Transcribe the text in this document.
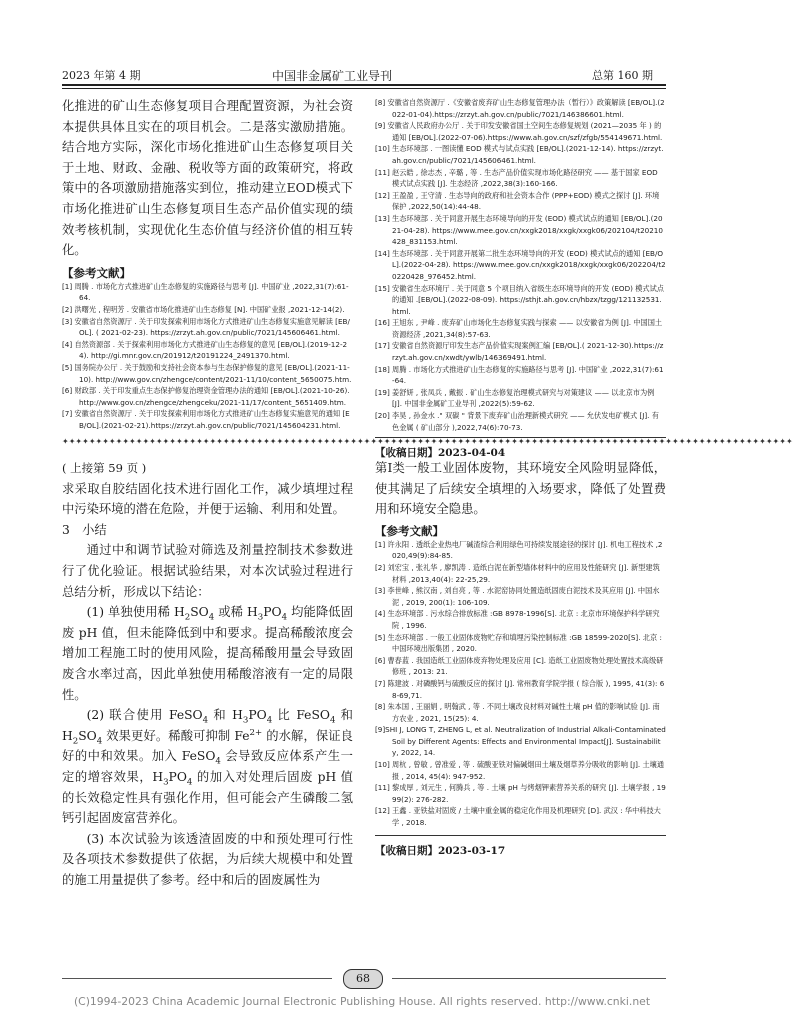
2023 年第 4 期	中国非金属矿工业导刊	总第 160 期

化推进的矿山生态修复项目合理配置资源，为社会资本提供具体且实在的项目机会。二是落实激励措施。结合地方实际，深化市场化推进矿山生态修复项目关于土地、财政、金融、税收等方面的政策研究，将政策中的各项激励措施落实到位，推动建立EOD模式下市场化推进矿山生态修复项目生态产品价值实现的绩效考核机制，实现优化生态价值与经济价值的相互转化。

【参考文献】

[1] 周腾 . 市场化方式推进矿山生态修复的实施路径与思考 [J]. 中国矿业 ,2022,31(7):61-64.
[2] 洪曙光 , 程明芳 . 安徽省市场化推进矿山生态修复 [N]. 中国矿业报 ,2021-12-14(2).
[3] 安徽省自然资源厅 . 关于印发探索利用市场化方式推进矿山生态修复实施意见解读 [EB/OL]. ( 2021-02-23). https://zrzyt.ah.gov.cn/public/7021/145606461.html.
[4] 自然资源部 . 关于探索利用市场化方式推进矿山生态修复的意见 [EB/OL].(2019-12-24). http://gi.mnr.gov.cn/201912/t20191224_2491370.html.
[5] 国务院办公厅 . 关于鼓励和支持社会资本参与生态保护修复的意见 [EB/OL].(2021-11-10). http://www.gov.cn/zhengce/content/2021-11/10/content_5650075.htm.
[6] 财政部 . 关于印发重点生态保护修复治理资金管理办法的通知 [EB/OL].(2021-10-26). http://www.gov.cn/zhengce/zhengceku/2021-11/17/content_5651409.htm.
[7] 安徽省自然资源厅 . 关于印发探索利用市场化方式推进矿山生态修复实施意见的通知 [EB/OL].(2021-02-21).https://zrzyt.ah.gov.cn/public/7021/145604231.html.
[8] 安徽省自然资源厅 .《安徽省废弃矿山生态修复管理办法（暂行）》政策解读 [EB/OL].(2022-01-04).https://zrzyt.ah.gov.cn/public/7021/146386601.html.
[9] 安徽省人民政府办公厅 . 关于印发安徽省国土空间生态修复规划 (2021—2035 年 ) 的通知 [EB/OL].(2022-07-06).https://www.ah.gov.cn/szf/zfgb/554149671.html.
[10] 生态环境部 . 一图读懂 EOD 模式与试点实践 [EB/OL].(2021-12-14). https://zrzyt.ah.gov.cn/public/7021/145606461.html.
[11] 赵云皓 , 徐志杰 , 辛璐 , 等 . 生态产品价值实现市场化路径研究 —— 基于国家 EOD 模式试点实践 [J]. 生态经济 ,2022,38(3):160-166.
[12] 王盈盈 , 王守清 . 生态导向的政府和社会资本合作 (PPP+EOD) 模式之探讨 [J]. 环境保护 ,2022,50(14):44-48.
[13] 生态环境部 . 关于同意开展生态环境导向的开发 (EOD) 模式试点的通知 [EB/OL].(2021-04-28). https://www.mee.gov.cn/xxgk2018/xxgk/xxgk06/202104/t20210428_831153.html.
[14] 生态环境部 . 关于同意开展第二批生态环境导向的开发 (EOD) 模式试点的通知 [EB/OL].(2022-04-28). https://www.mee.gov.cn/xxgk2018/xxgk/xxgk06/202204/t20220428_976452.html.
[15] 安徽省生态环境厅 . 关于同意 5 个项目纳入省级生态环境导向的开发 (EOD) 模式试点的通知 .[EB/OL].(2022-08-09). https://sthjt.ah.gov.cn/hbzx/tzgg/121132531.html.
[16] 王旭东 , 尹峰 . 废弃矿山市场化生态修复实践与探索 —— 以安徽省为例 [J]. 中国国土资源经济 ,2021,34(8):57-63.
[17] 安徽省自然资源厅印发生态产品价值实现案例汇编 [EB/OL].( 2021-12-30).https://zrzyt.ah.gov.cn/xwdt/ywlb/146369491.html.
[18] 周腾 . 市场化方式推进矿山生态修复的实施路径与思考 [J]. 中国矿业 ,2022,31(7):61-64.
[19] 姜舒妍 , 张凤兵 , 戴振 . 矿山生态修复治理模式研究与对策建议 —— 以北京市为例 [J]. 中国非金属矿工业导刊 ,2022(5):59-62.
[20] 李昊 , 孙金水 ." 双碳 " 背景下废弃矿山治理新模式研究 —— 允伏发电矿模式 [J]. 有色金属 ( 矿山部分 ),2022,74(6):70-73.
【收稿日期】2023-04-04
✦✦✦✦✦✦✦✦✦✦✦✦✦✦✦✦✦✦✦✦✦✦✦✦✦✦✦✦✦✦✦✦✦✦✦✦✦✦✦✦✦✦✦✦✦✦✦✦✦✦✦✦✦✦✦✦✦✦✦✦✦✦✦✦✦✦✦✦✦✦✦✦✦✦✦✦✦✦✦✦✦✦✦✦✦✦✦✦✦✦✦✦✦✦✦✦✦✦✦✦✦✦✦✦✦✦✦✦✦

( 上接第 59 页 )

求采取自胶结固化技术进行固化工作，减少填埋过程中污染环境的潜在危险，并便于运输、利用和处置。

3　小结

通过中和调节试验对筛选及剂量控制技术参数进行了优化验证。根据试验结果，对本次试验过程进行总结分析，形成以下结论：

(1) 单独使用稀 $H_2SO_4$ 或稀 $H_3PO_4$ 均能降低固废 pH 值，但未能降低到中和要求。提高稀酸浓度会增加工程施工时的使用风险，提高稀酸用量会导致固废含水率过高，因此单独使用稀酸溶液有一定的局限性。

(2) 联合使用 FeSO$_4$ 和 $H_3PO_4$ 比 FeSO$_4$ 和 $H_2SO_4$ 效果更好。稀酸可抑制 $Fe^{2+}$ 的水解，保证良好的中和效果。加入 FeSO$_4$ 会导致反应体系产生一定的增容效果，$H_3PO_4$ 的加入对处理后固废 pH 值的长效稳定性具有强化作用，但可能会产生磷酸二氢钙引起固废富营养化。

(3) 本次试验为该透渣固废的中和预处理可行性及各项技术参数提供了依据，为后续大规模中和处置的施工用量提供了参考。经中和后的固废属性为

第Ⅰ类一般工业固体废物，其环境安全风险明显降低，使其满足了后续安全填埋的入场要求，降低了处置费用和环境安全隐患。

【参考文献】

[1] 许永阳 . 透纸企业热电厂碱渣综合利用绿色可持续发展途径的探讨 [J]. 机电工程技术 ,2020,49(9):84-85.
[2] 刘宏宝 , 张礼华 , 廖凯涛 . 造纸白泥在新型墙体材料中的应用及性能研究 [J]. 新型建筑材料 ,2013,40(4): 22-25,29.
[3] 李世峰 , 熊汉南 , 刘自亮 , 等 . 水泥窑协同处置造纸固废白泥技术及其应用 [J]. 中国水泥 , 2019, 200(1): 106-109.
[4] 生态环境部 . 污水综合排放标准 :GB 8978-1996[S]. 北京 : 北京市环境保护科学研究院 , 1996.
[5] 生态环境部 . 一般工业固体废物贮存和填埋污染控制标准 :GB 18599-2020[S]. 北京 : 中国环境出版集团 , 2020.
[6] 曹春蓝 . 我国造纸工业固体废弃物处理及应用 [C]. 造纸工业固废物处理处置技术高级研修班 , 2013: 21.
[7] 陈建波 . 对磷酸钙与硫酸反应的探讨 [J]. 常州教育学院学报 ( 综合版 ), 1995, 41(3): 68-69,71.
[8] 朱本国 , 王丽娟 , 明翰武 , 等 . 不同土壤改良材料对碱性土壤 pH 值的影响试验 [J]. 南方农业 , 2021, 15(25): 4.
[9]SHI J, LONG T, ZHENG L, et al. Neutralization of Industrial Alkali-Contaminated Soil by Different Agents: Effects and Environmental Impact[J]. Sustainability, 2022, 14.
[10] 周杭 , 曾敏 , 曾准爱 , 等 . 硫酸亚铁对偏碱烟田土壤及烟草养分吸收的影响 [J]. 土壤通报 , 2014, 45(4): 947-952.
[11] 黎成厚 , 刘元生 , 何腾兵 , 等 . 土壤 pH 与烤烟钾素营养关系的研究 [J]. 土壤学报 , 1999(2): 276-282.
[12] 王鑫 . 亚铁盐对固废 / 土壤中重金属的稳定化作用及机理研究 [D]. 武汉 : 华中科技大学 , 2018.
【收稿日期】2023-03-17
68
(C)1994-2023 China Academic Journal Electronic Publishing House. All rights reserved. http://www.cnki.net
